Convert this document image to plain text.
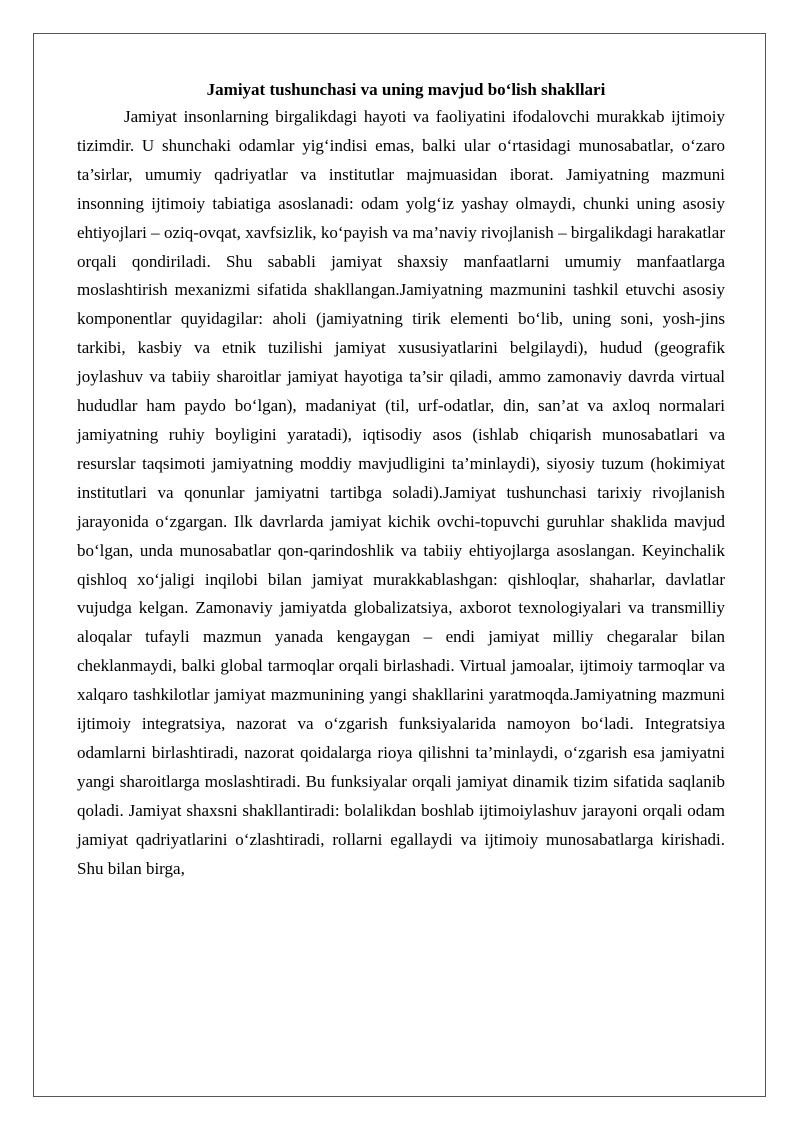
Jamiyat tushunchasi va uning mavjud bo‘lish shakllari

Jamiyat insonlarning birgalikdagi hayoti va faoliyatini ifodalovchi murakkab ijtimoiy tizimdir. U shunchaki odamlar yig‘indisi emas, balki ular o‘rtasidagi munosabatlar, o‘zaro ta’sirlar, umumiy qadriyatlar va institutlar majmuasidan iborat. Jamiyatning mazmuni insonning ijtimoiy tabiatiga asoslanadi: odam yolg‘iz yashay olmaydi, chunki uning asosiy ehtiyojlari – oziq-ovqat, xavfsizlik, ko‘payish va ma’naviy rivojlanish – birgalikdagi harakatlar orqali qondiriladi. Shu sababli jamiyat shaxsiy manfaatlarni umumiy manfaatlarga moslashtirish mexanizmi sifatida shakllangan.Jamiyatning mazmunini tashkil etuvchi asosiy komponentlar quyidagilar: aholi (jamiyatning tirik elementi bo‘lib, uning soni, yosh-jins tarkibi, kasbiy va etnik tuzilishi jamiyat xususiyatlarini belgilaydi), hudud (geografik joylashuv va tabiiy sharoitlar jamiyat hayotiga ta’sir qiladi, ammo zamonaviy davrda virtual hududlar ham paydo bo‘lgan), madaniyat (til, urf-odatlar, din, san’at va axloq normalari jamiyatning ruhiy boyligini yaratadi), iqtisodiy asos (ishlab chiqarish munosabatlari va resurslar taqsimoti jamiyatning moddiy mavjudligini ta’minlaydi), siyosiy tuzum (hokimiyat institutlari va qonunlar jamiyatni tartibga soladi).Jamiyat tushunchasi tarixiy rivojlanish jarayonida o‘zgargan. Ilk davrlarda jamiyat kichik ovchi-topuvchi guruhlar shaklida mavjud bo‘lgan, unda munosabatlar qon-qarindoshlik va tabiiy ehtiyojlarga asoslangan. Keyinchalik qishloq xo‘jaligi inqilobi bilan jamiyat murakkablashgan: qishloqlar, shaharlar, davlatlar vujudga kelgan. Zamonaviy jamiyatda globalizatsiya, axborot texnologiyalari va transmilliy aloqalar tufayli mazmun yanada kengaygan – endi jamiyat milliy chegaralar bilan cheklanmaydi, balki global tarmoqlar orqali birlashadi. Virtual jamoalar, ijtimoiy tarmoqlar va xalqaro tashkilotlar jamiyat mazmunining yangi shakllarini yaratmoqda.Jamiyatning mazmuni ijtimoiy integratsiya, nazorat va o‘zgarish funksiyalarida namoyon bo‘ladi. Integratsiya odamlarni birlashtiradi, nazorat qoidalarga rioya qilishni ta’minlaydi, o‘zgarish esa jamiyatni yangi sharoitlarga moslashtiradi. Bu funksiyalar orqali jamiyat dinamik tizim sifatida saqlanib qoladi. Jamiyat shaxsni shakllantiradi: bolalikdan boshlab ijtimoiylashuv jarayoni orqali odam jamiyat qadriyatlarini o‘zlashtiradi, rollarni egallaydi va ijtimoiy munosabatlarga kirishadi. Shu bilan birga,
